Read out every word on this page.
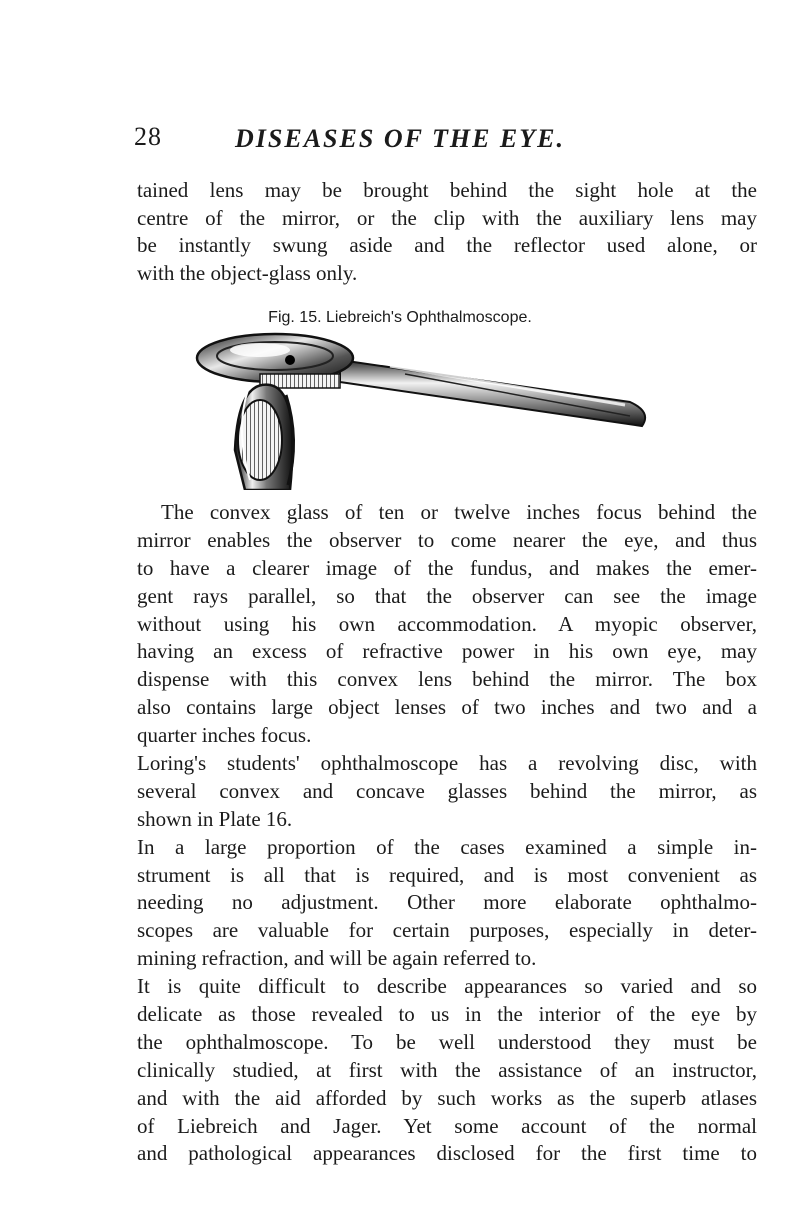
28	DISEASES OF THE EYE.
tained lens may be brought behind the sight hole at the
centre of the mirror, or the clip with the auxiliary lens may
be instantly swung aside and the reflector used alone, or
with the object-glass only.
Fig. 15. Liebreich's Ophthalmoscope.
The convex glass of ten or twelve inches focus behind the
mirror enables the observer to come nearer the eye, and thus
to have a clearer image of the fundus, and makes the emer-
gent rays parallel, so that the observer can see the image
without using his own accommodation. A myopic observer,
having an excess of refractive power in his own eye, may
dispense with this convex lens behind the mirror. The box
also contains large object lenses of two inches and two and a
quarter inches focus.
Loring's students' ophthalmoscope has a revolving disc, with
several convex and concave glasses behind the mirror, as
shown in Plate 16.
In a large proportion of the cases examined a simple in-
strument is all that is required, and is most convenient as
needing no adjustment. Other more elaborate ophthalmo-
scopes are valuable for certain purposes, especially in deter-
mining refraction, and will be again referred to.
It is quite difficult to describe appearances so varied and so
delicate as those revealed to us in the interior of the eye by
the ophthalmoscope. To be well understood they must be
clinically studied, at first with the assistance of an instructor,
and with the aid afforded by such works as the superb atlases
of Liebreich and Jager. Yet some account of the normal
and pathological appearances disclosed for the first time to
